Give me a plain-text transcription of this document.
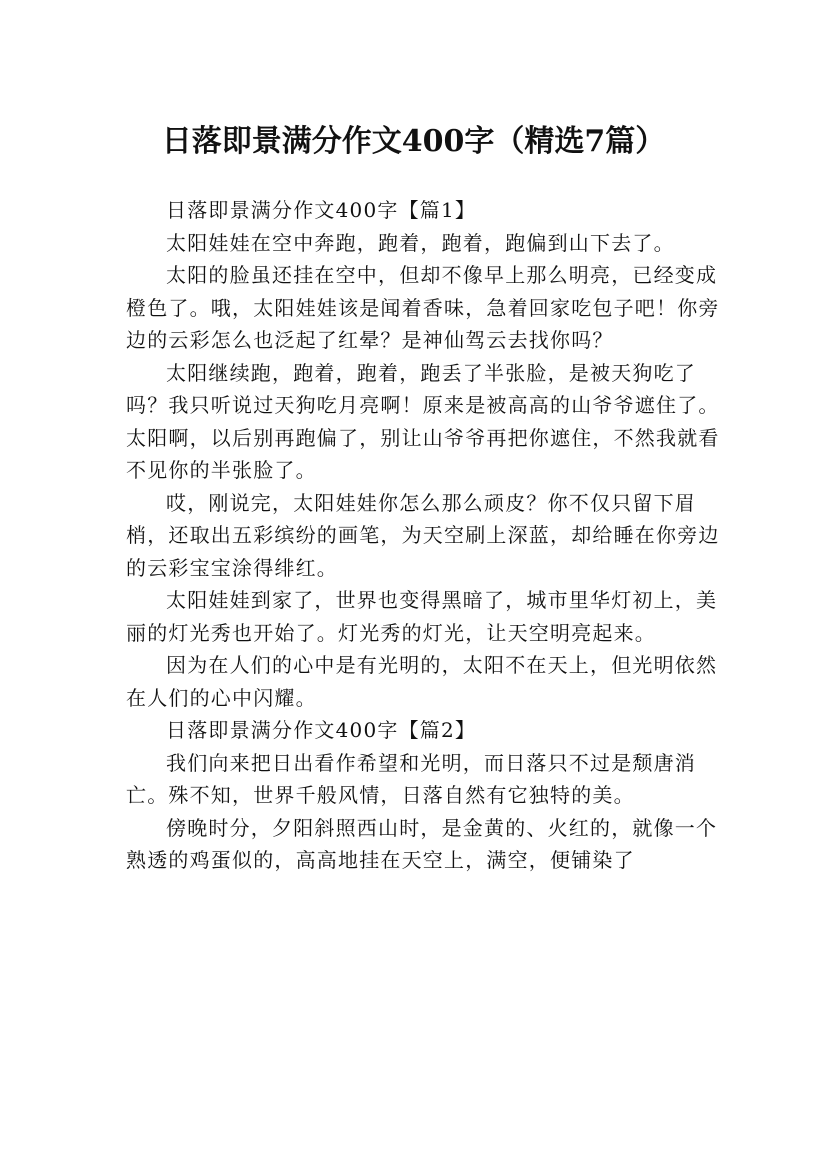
日落即景满分作文400字（精选7篇）

日落即景满分作文400字【篇1】

太阳娃娃在空中奔跑，跑着，跑着，跑偏到山下去了。

太阳的脸虽还挂在空中，但却不像早上那么明亮，已经变成橙色了。哦，太阳娃娃该是闻着香味，急着回家吃包子吧！你旁边的云彩怎么也泛起了红晕？是神仙驾云去找你吗？

太阳继续跑，跑着，跑着，跑丢了半张脸，是被天狗吃了吗？我只听说过天狗吃月亮啊！原来是被高高的山爷爷遮住了。太阳啊，以后别再跑偏了，别让山爷爷再把你遮住，不然我就看不见你的半张脸了。

哎，刚说完，太阳娃娃你怎么那么顽皮？你不仅只留下眉梢，还取出五彩缤纷的画笔，为天空刷上深蓝，却给睡在你旁边的云彩宝宝涂得绯红。

太阳娃娃到家了，世界也变得黑暗了，城市里华灯初上，美丽的灯光秀也开始了。灯光秀的灯光，让天空明亮起来。

因为在人们的心中是有光明的，太阳不在天上，但光明依然在人们的心中闪耀。

日落即景满分作文400字【篇2】

我们向来把日出看作希望和光明，而日落只不过是颓唐消亡。殊不知，世界千般风情，日落自然有它独特的美。

傍晚时分，夕阳斜照西山时，是金黄的、火红的，就像一个熟透的鸡蛋似的，高高地挂在天空上，满空，便铺染了
